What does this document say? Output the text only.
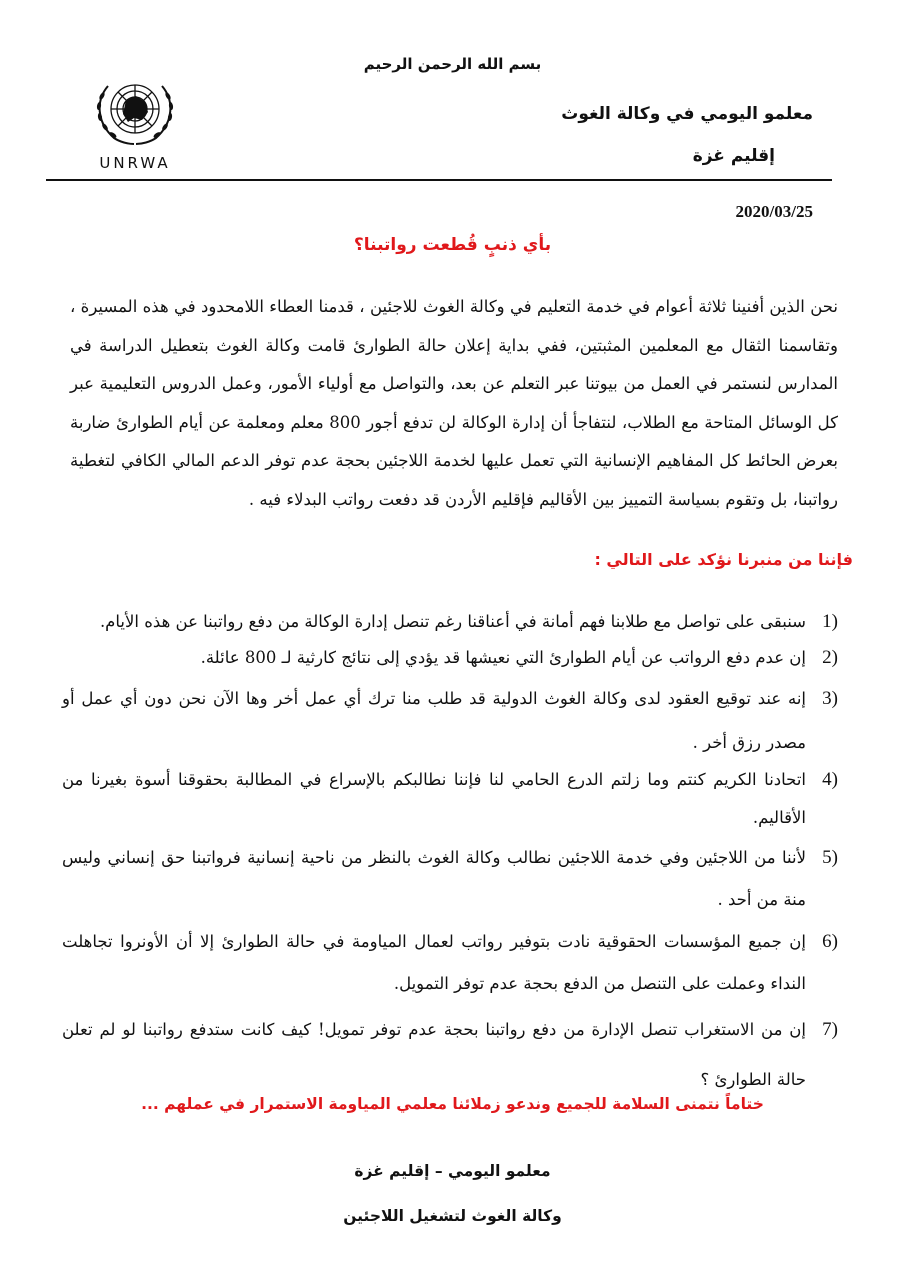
بسم الله الرحمن الرحيم
UNRWA
معلمو اليومي في وكالة الغوث
إقليم غزة
2020/03/25
بأي ذنبٍ قُطعت رواتبنا؟
نحن الذين أفنينا ثلاثة أعوام في خدمة التعليم في وكالة الغوث للاجئين ، قدمنا العطاء اللامحدود في هذه المسيرة ، وتقاسمنا الثقال مع المعلمين المثبتين، ففي بداية إعلان حالة الطوارئ قامت وكالة الغوث بتعطيل الدراسة في المدارس لنستمر في العمل من بيوتنا عبر التعلم عن بعد، والتواصل مع أولياء الأمور، وعمل الدروس التعليمية عبر كل الوسائل المتاحة مع الطلاب، لنتفاجأ أن إدارة الوكالة لن تدفع أجور 800 معلم ومعلمة عن أيام الطوارئ ضاربة بعرض الحائط كل المفاهيم الإنسانية التي تعمل عليها لخدمة اللاجئين بحجة عدم توفر الدعم المالي الكافي لتغطية رواتبنا، بل وتقوم بسياسة التمييز بين الأقاليم فإقليم الأردن قد دفعت رواتب البدلاء فيه .
فإننا من منبرنا نؤكد على التالي :
1)
سنبقى على تواصل مع طلابنا فهم أمانة في أعناقنا رغم تنصل إدارة الوكالة من دفع رواتبنا عن هذه الأيام.
2)
إن عدم دفع الرواتب عن أيام الطوارئ التي نعيشها قد يؤدي إلى نتائج كارثية لـ 800 عائلة.
3)
إنه عند توقيع العقود لدى وكالة الغوث الدولية قد طلب منا ترك أي عمل أخر وها الآن نحن دون أي عمل أو مصدر رزق أخر .
4)
اتحادنا الكريم كنتم وما زلتم الدرع الحامي لنا فإننا نطالبكم بالإسراع في المطالبة بحقوقنا أسوة بغيرنا من الأقاليم.
5)
لأننا من اللاجئين وفي خدمة اللاجئين نطالب وكالة الغوث بالنظر من ناحية إنسانية فرواتبنا حق إنساني وليس منة من أحد .
6)
إن جميع المؤسسات الحقوقية نادت بتوفير رواتب لعمال المياومة في حالة الطوارئ إلا أن الأونروا تجاهلت النداء وعملت على التنصل من الدفع بحجة عدم توفر التمويل.
7)
إن من الاستغراب تنصل الإدارة من دفع رواتبنا بحجة عدم توفر تمويل! كيف كانت ستدفع رواتبنا لو لم تعلن حالة الطوارئ ؟
ختاماً نتمنى السلامة للجميع وندعو زملائنا معلمي المياومة الاستمرار في عملهم ...
معلمو اليومي – إقليم غزة
وكالة الغوث لتشغيل اللاجئين
